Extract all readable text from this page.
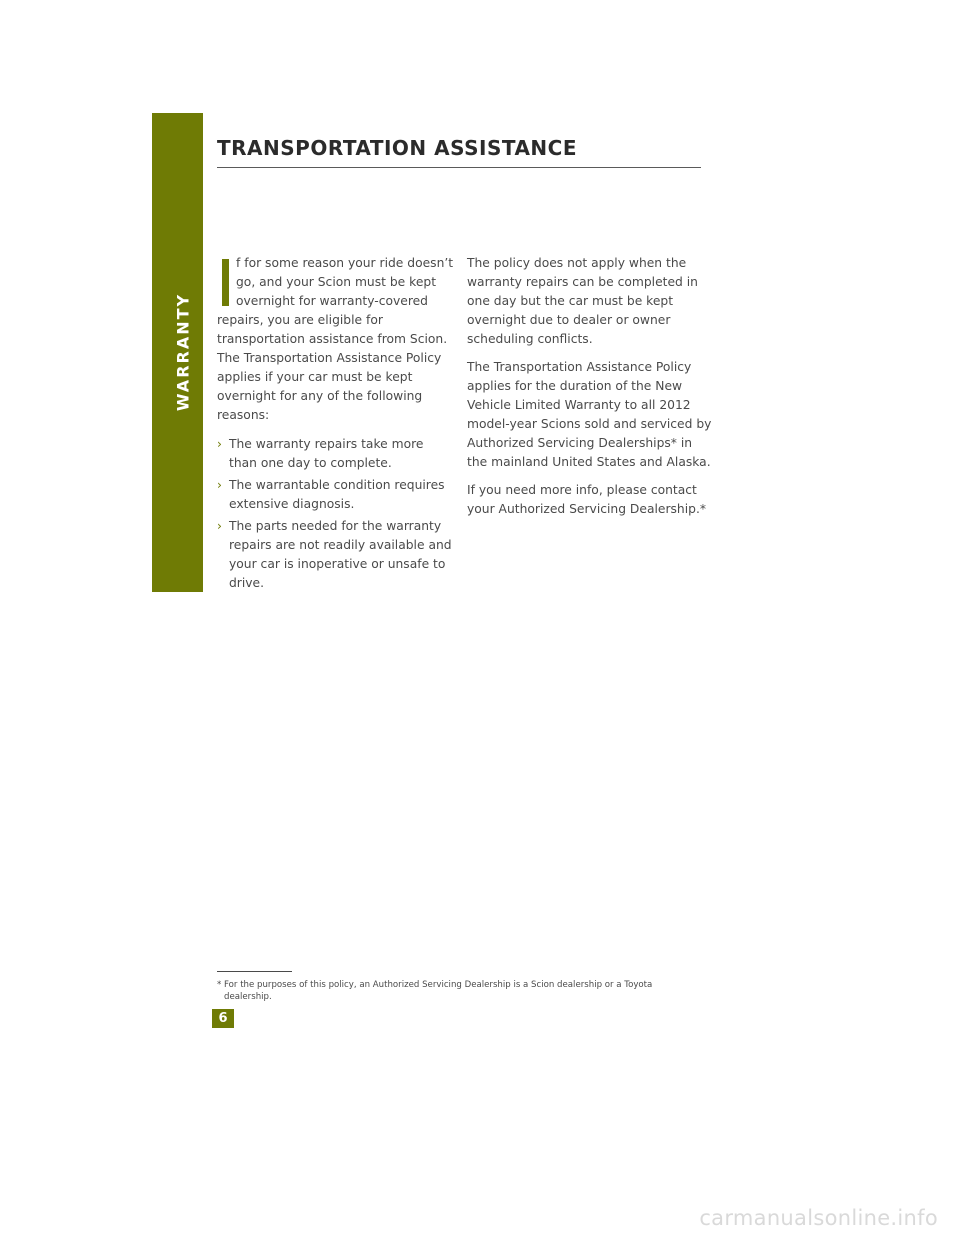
WARRANTY
TRANSPORTATION ASSISTANCE

f for some reason your ride doesn’t
go, and your Scion must be kept
overnight for warranty-covered
repairs, you are eligible for
transportation assistance from Scion.
The Transportation Assistance Policy
applies if your car must be kept
overnight for any of the following
reasons:

› The warranty repairs take more
than one day to complete.
› The warrantable condition requires
extensive diagnosis.
› The parts needed for the warranty
repairs are not readily available and
your car is inoperative or unsafe to
drive.

The policy does not apply when the
warranty repairs can be completed in
one day but the car must be kept
overnight due to dealer or owner
scheduling conflicts.

The Transportation Assistance Policy
applies for the duration of the New
Vehicle Limited Warranty to all 2012
model-year Scions sold and serviced by
Authorized Servicing Dealerships* in
the mainland United States and Alaska.

If you need more info, please contact
your Authorized Servicing Dealership.*

* For the purposes of this policy, an Authorized Servicing Dealership is a Scion dealership or a Toyota
dealership.
6
carmanualsonline.info
